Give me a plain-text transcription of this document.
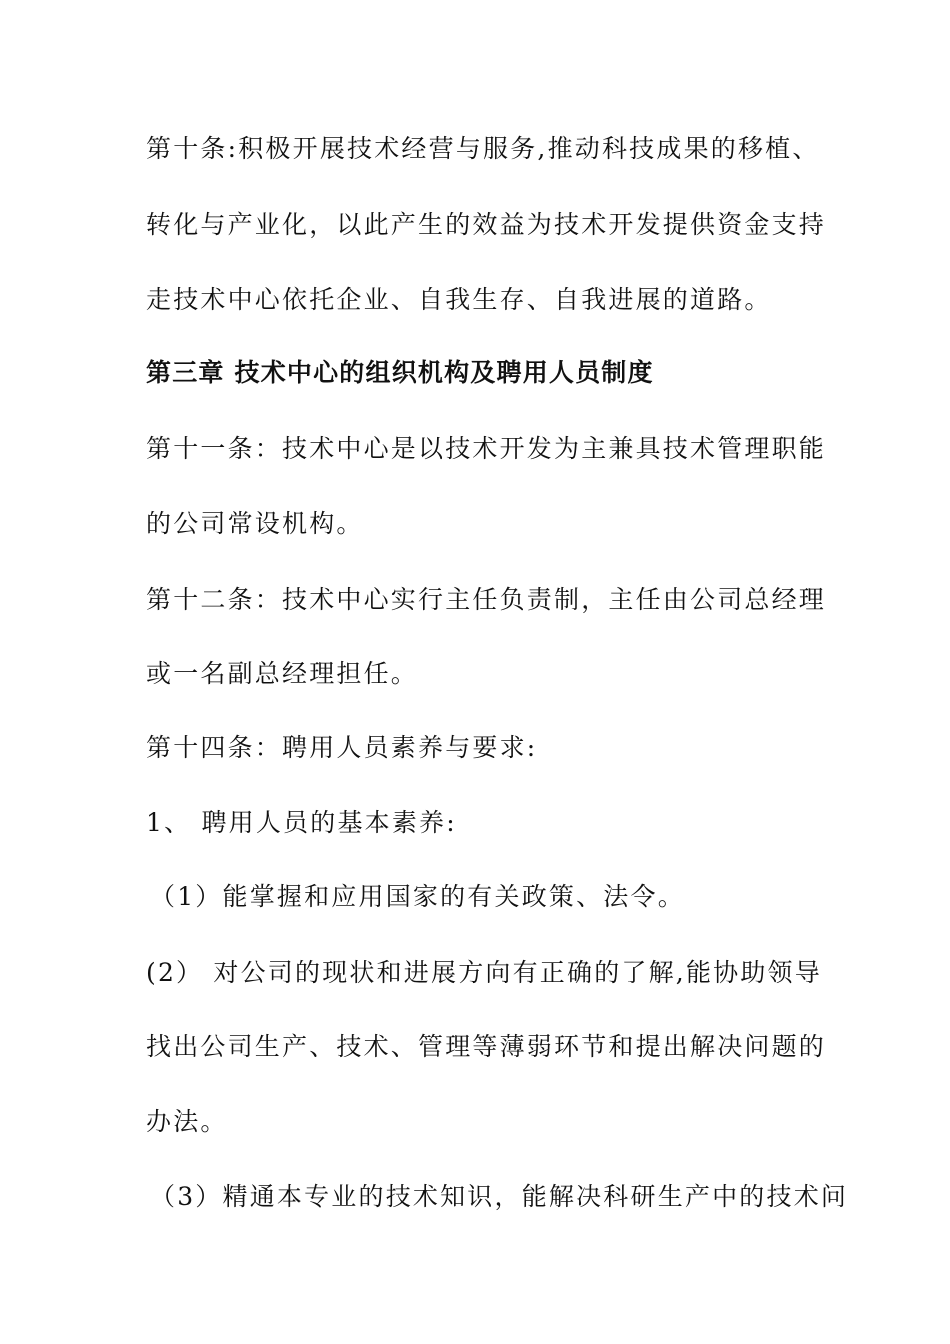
第十条:积极开展技术经营与服务,推动科技成果的移植、
转化与产业化，以此产生的效益为技术开发提供资金支持
走技术中心依托企业、自我生存、自我进展的道路。
第三章 技术中心的组织机构及聘用人员制度
第十一条：技术中心是以技术开发为主兼具技术管理职能
的公司常设机构。
第十二条：技术中心实行主任负责制，主任由公司总经理
或一名副总经理担任。
第十四条：聘用人员素养与要求:
1、 聘用人员的基本素养:
（1）能掌握和应用国家的有关政策、法令。
(2） 对公司的现状和进展方向有正确的了解,能协助领导
找出公司生产、技术、管理等薄弱环节和提出解决问题的
办法。
（3）精通本专业的技术知识，能解决科研生产中的技术问
